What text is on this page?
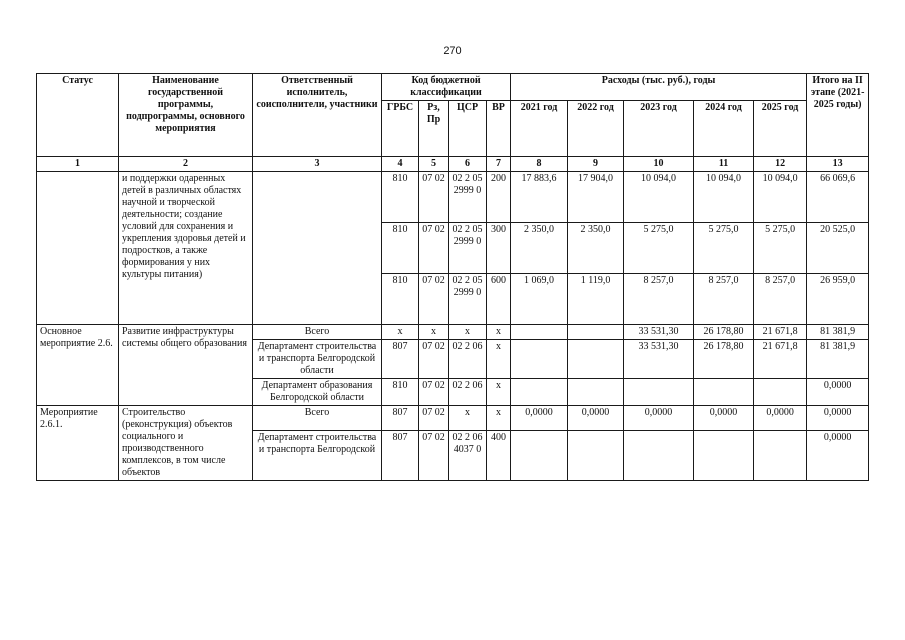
270
Статус	Наименование государственной программы, подпрограммы, основного мероприятия	Ответственный исполнитель, соисполнители, участники	Код бюджетной классификации				Расходы (тыс. руб.), годы					Итого на II этапе (2021-2025 годы)
			ГРБС	Рз, Пр	ЦСР	ВР	2021 год	2022 год	2023 год	2024 год	2025 год	
1	2	3	4	5	6	7	8	9	10	11	12	13
	и поддержки одаренных детей в различных областях научной и творческой деятельности; создание условий для сохранения и укрепления здоровья детей и подростков, а также формирования у них культуры питания)		810	07 02	02 2 05 2999 0	200	17 883,6	17 904,0	10 094,0	10 094,0	10 094,0	66 069,6
			810	07 02	02 2 05 2999 0	300	2 350,0	2 350,0	5 275,0	5 275,0	5 275,0	20 525,0
			810	07 02	02 2 05 2999 0	600	1 069,0	1 119,0	8 257,0	8 257,0	8 257,0	26 959,0
Основное мероприятие 2.6.	Развитие инфраструктуры системы общего образования	Всего	x	x	x	x			33 531,30	26 178,80	21 671,8	81 381,9
		Департамент строительства и транспорта Белгородской области	807	07 02	02 2 06	x			33 531,30	26 178,80	21 671,8	81 381,9
		Департамент образования Белгородской области	810	07 02	02 2 06	x						0,0000
Мероприятие 2.6.1.	Строительство (реконструкция) объектов социального и производственного комплексов, в том числе объектов	Всего	807	07 02	x	x	0,0000	0,0000	0,0000	0,0000	0,0000	0,0000
		Департамент строительства и транспорта Белгородской	807	07 02	02 2 06 4037 0	400						0,0000
